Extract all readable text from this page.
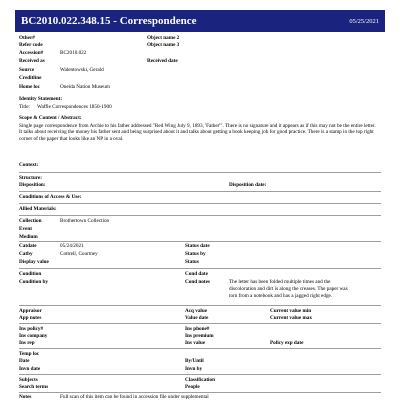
BC2010.022.348.15 - Correspondence	05/25/2021
Other#
Refer code
Accession#	BC2010.022
Received as
Source	Walentowski, Gerald
Creditline
Home loc	Oneida Nation Museum
Object name 2
Object name 3
Received date
Identity Statement:
Title: Waffle Correspondences 1850-1900
Scope & Content / Abstract:
Single page correspondence from Archie to his father addressed "Red Wing July 9, 1893, 'Father'". There is no signature and it appears as if this may not be the entire letter. It talks about receiving the money his father sent and being surprised about it and talks about getting a book keeping job for good practice. There is a stamp in the top right corner of the paper that looks like an NP in a oval.
Context:
Structure:
Disposition:	Disposition date:
Conditions of Access & Use:
Allied Materials:
Collection	Brothertown Collection
Event
Medium
Catdate	05/24/2021
Catby	Cottrell, Courtney
Display value
Status date
Status by
Status
Condition
Condition by
Cond date
Cond notes	The letter has been folded multiple times and the
discoloration and dirt is along the creases. The paper was
torn from a notebook and has a jagged right edge.
Appraisor
App notes
Acq value
Value date
Current value min
Current value max
Ins policy#
Ins company
Ins rep
Ins phone#
Ins premium
Ins value	Policy exp date
Temp loc
Date
Invn date
By/Until
Invn by
Subjects
Search terms
Classification
People
Notes	Full scan of this item can be found in accession file under supplemental
